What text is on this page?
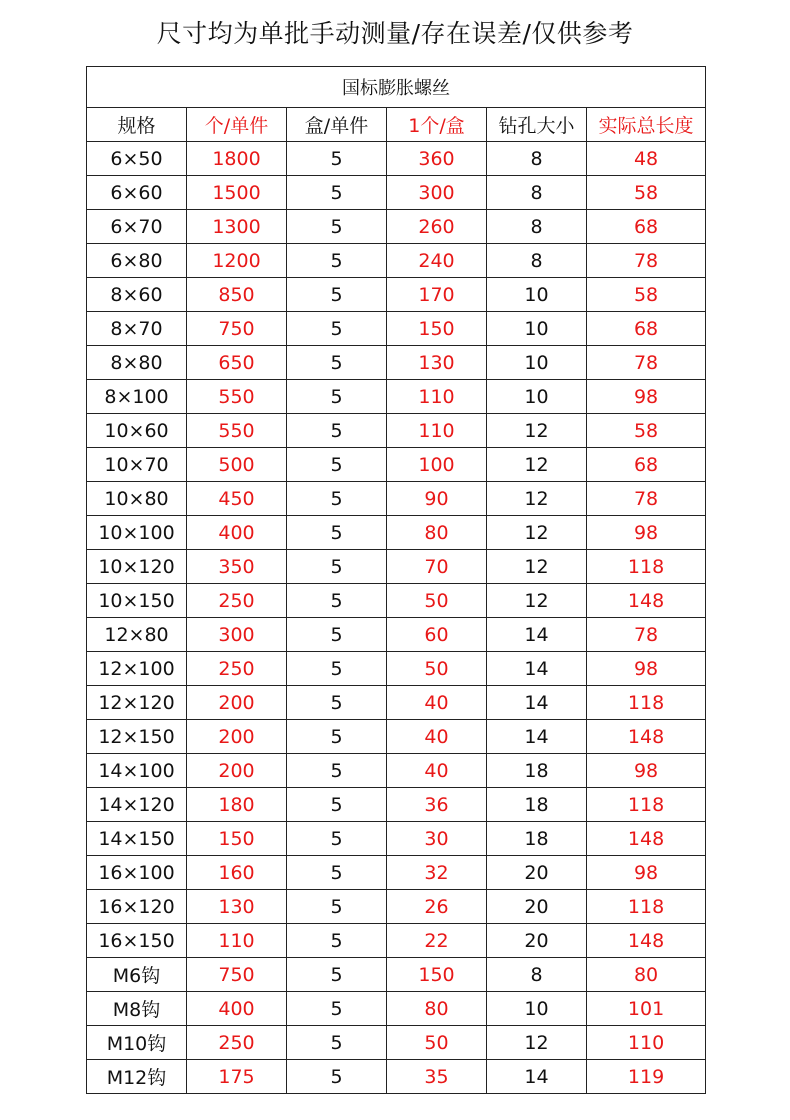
尺寸均为单批手动测量/存在误差/仅供参考
国标膨胀螺丝					
规格	个/单件	盒/单件	1个/盒	钻孔大小	实际总长度
6×50	1800	5	360	8	48
6×60	1500	5	300	8	58
6×70	1300	5	260	8	68
6×80	1200	5	240	8	78
8×60	850	5	170	10	58
8×70	750	5	150	10	68
8×80	650	5	130	10	78
8×100	550	5	110	10	98
10×60	550	5	110	12	58
10×70	500	5	100	12	68
10×80	450	5	90	12	78
10×100	400	5	80	12	98
10×120	350	5	70	12	118
10×150	250	5	50	12	148
12×80	300	5	60	14	78
12×100	250	5	50	14	98
12×120	200	5	40	14	118
12×150	200	5	40	14	148
14×100	200	5	40	18	98
14×120	180	5	36	18	118
14×150	150	5	30	18	148
16×100	160	5	32	20	98
16×120	130	5	26	20	118
16×150	110	5	22	20	148
M6钩	750	5	150	8	80
M8钩	400	5	80	10	101
M10钩	250	5	50	12	110
M12钩	175	5	35	14	119
